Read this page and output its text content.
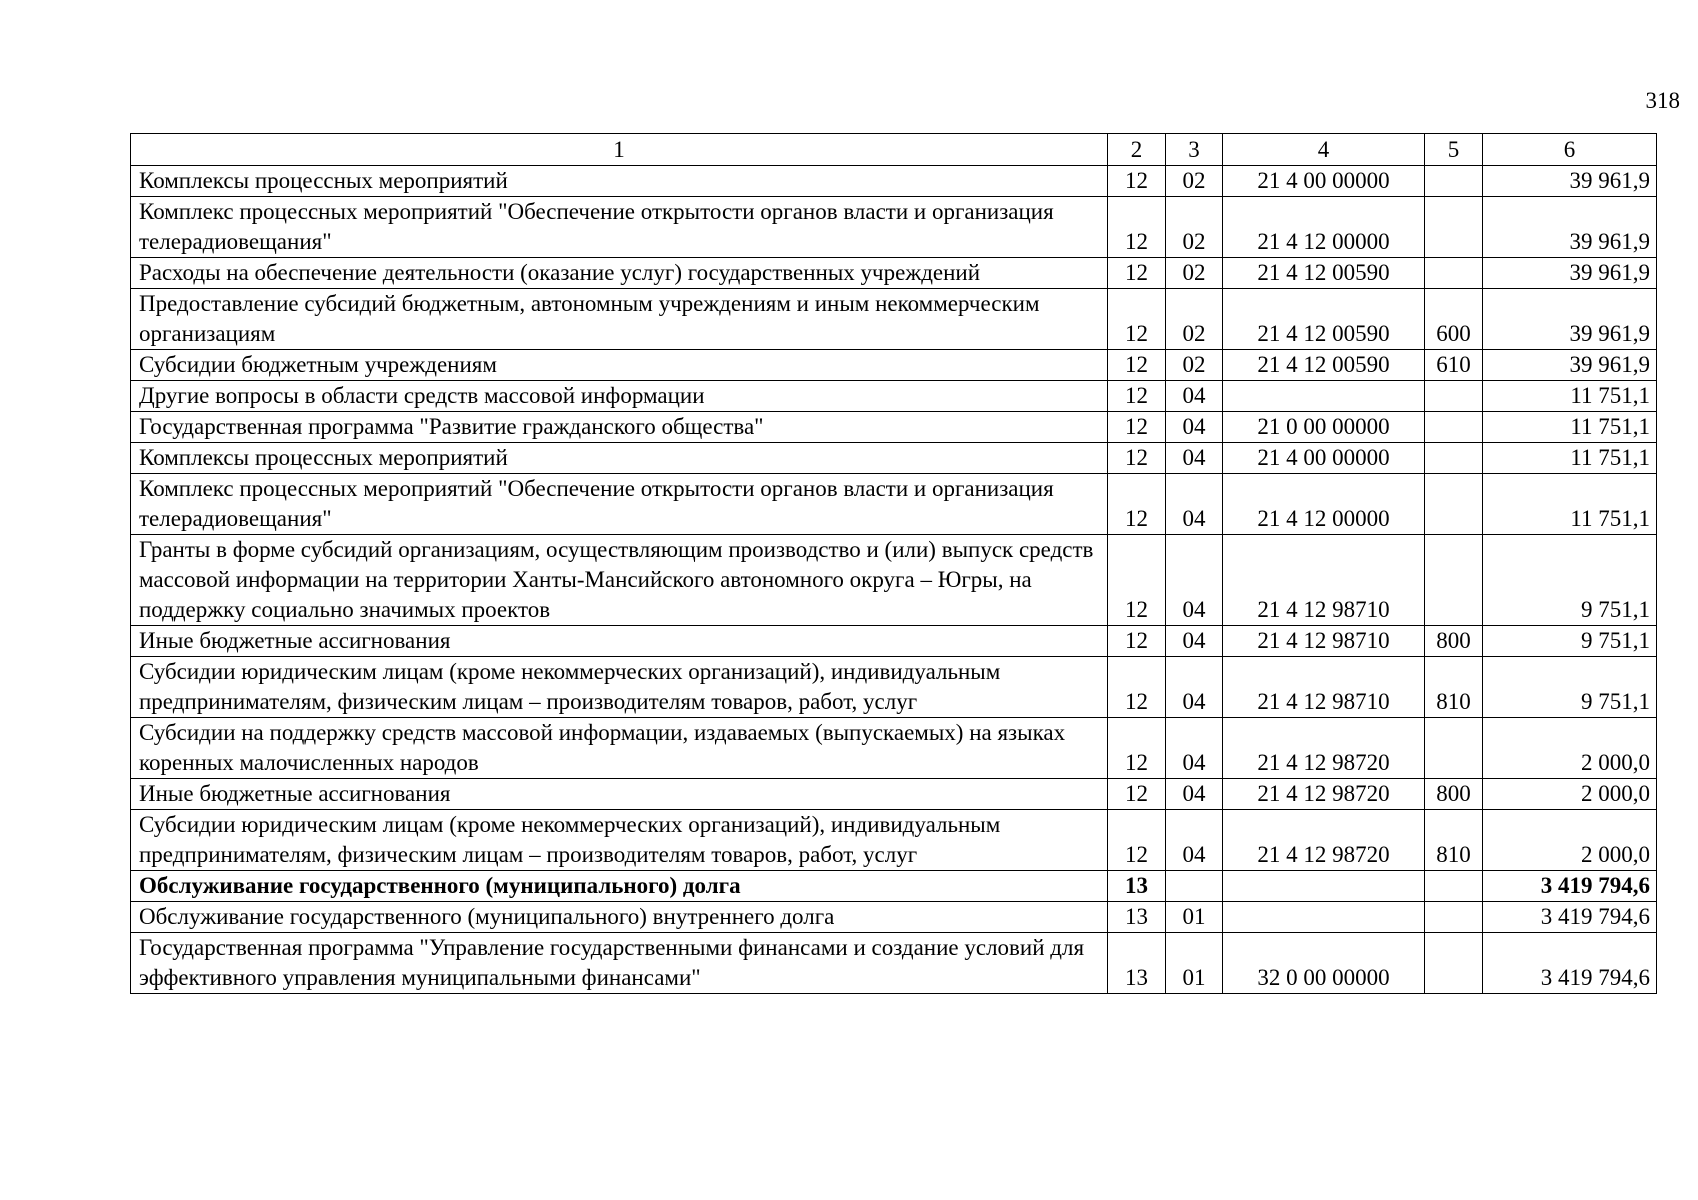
318
1	2	3	4	5	6
Комплексы процессных мероприятий	12	02	21 4 00 00000		39 961,9
Комплекс процессных мероприятий "Обеспечение открытости органов власти и организация телерадиовещания"	12	02	21 4 12 00000		39 961,9
Расходы на обеспечение деятельности (оказание услуг) государственных учреждений	12	02	21 4 12 00590		39 961,9
Предоставление субсидий бюджетным, автономным учреждениям и иным некоммерческим организациям	12	02	21 4 12 00590	600	39 961,9
Субсидии бюджетным учреждениям	12	02	21 4 12 00590	610	39 961,9
Другие вопросы в области средств массовой информации	12	04			11 751,1
Государственная программа "Развитие гражданского общества"	12	04	21 0 00 00000		11 751,1
Комплексы процессных мероприятий	12	04	21 4 00 00000		11 751,1
Комплекс процессных мероприятий "Обеспечение открытости органов власти и организация телерадиовещания"	12	04	21 4 12 00000		11 751,1
Гранты в форме субсидий организациям, осуществляющим производство и (или) выпуск средств массовой информации на территории Ханты-Мансийского автономного округа – Югры, на поддержку социально значимых проектов	12	04	21 4 12 98710		9 751,1
Иные бюджетные ассигнования	12	04	21 4 12 98710	800	9 751,1
Субсидии юридическим лицам (кроме некоммерческих организаций), индивидуальным предпринимателям, физическим лицам – производителям товаров, работ, услуг	12	04	21 4 12 98710	810	9 751,1
Субсидии на поддержку средств массовой информации, издаваемых (выпускаемых) на языках коренных малочисленных народов	12	04	21 4 12 98720		2 000,0
Иные бюджетные ассигнования	12	04	21 4 12 98720	800	2 000,0
Субсидии юридическим лицам (кроме некоммерческих организаций), индивидуальным предпринимателям, физическим лицам – производителям товаров, работ, услуг	12	04	21 4 12 98720	810	2 000,0
Обслуживание государственного (муниципального) долга	13				3 419 794,6
Обслуживание государственного (муниципального) внутреннего долга	13	01			3 419 794,6
Государственная программа "Управление государственными финансами и создание условий для эффективного управления муниципальными финансами"	13	01	32 0 00 00000		3 419 794,6
